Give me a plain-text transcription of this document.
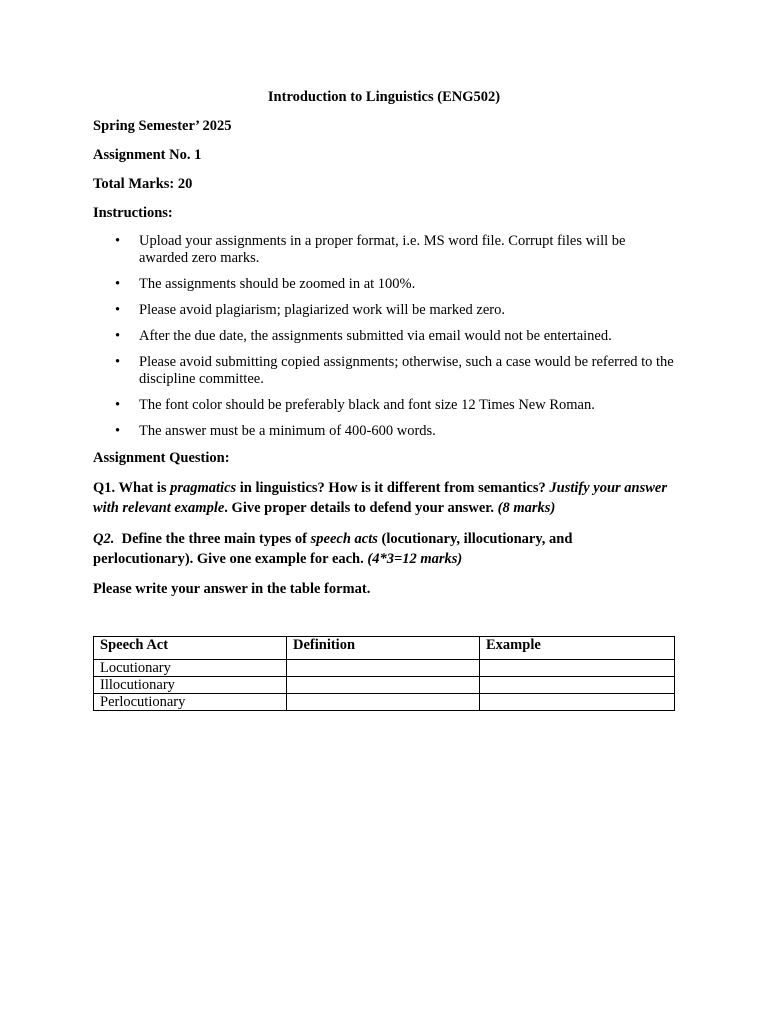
Introduction to Linguistics (ENG502)

Spring Semester’ 2025

Assignment No. 1

Total Marks: 20

Instructions:

• Upload your assignments in a proper format, i.e. MS word file. Corrupt files will be awarded zero marks.
• The assignments should be zoomed in at 100%.
• Please avoid plagiarism; plagiarized work will be marked zero.
• After the due date, the assignments submitted via email would not be entertained.
• Please avoid submitting copied assignments; otherwise, such a case would be referred to the discipline committee.
• The font color should be preferably black and font size 12 Times New Roman.
• The answer must be a minimum of 400-600 words.

Assignment Question:

Q1. What is pragmatics in linguistics? How is it different from semantics? Justify your answer with relevant example. Give proper details to defend your answer. (8 marks)

Q2.  Define the three main types of speech acts (locutionary, illocutionary, and perlocutionary). Give one example for each. (4*3=12 marks)

Please write your answer in the table format.

Speech Act	Definition	Example
Locutionary		
Illocutionary		
Perlocutionary		
